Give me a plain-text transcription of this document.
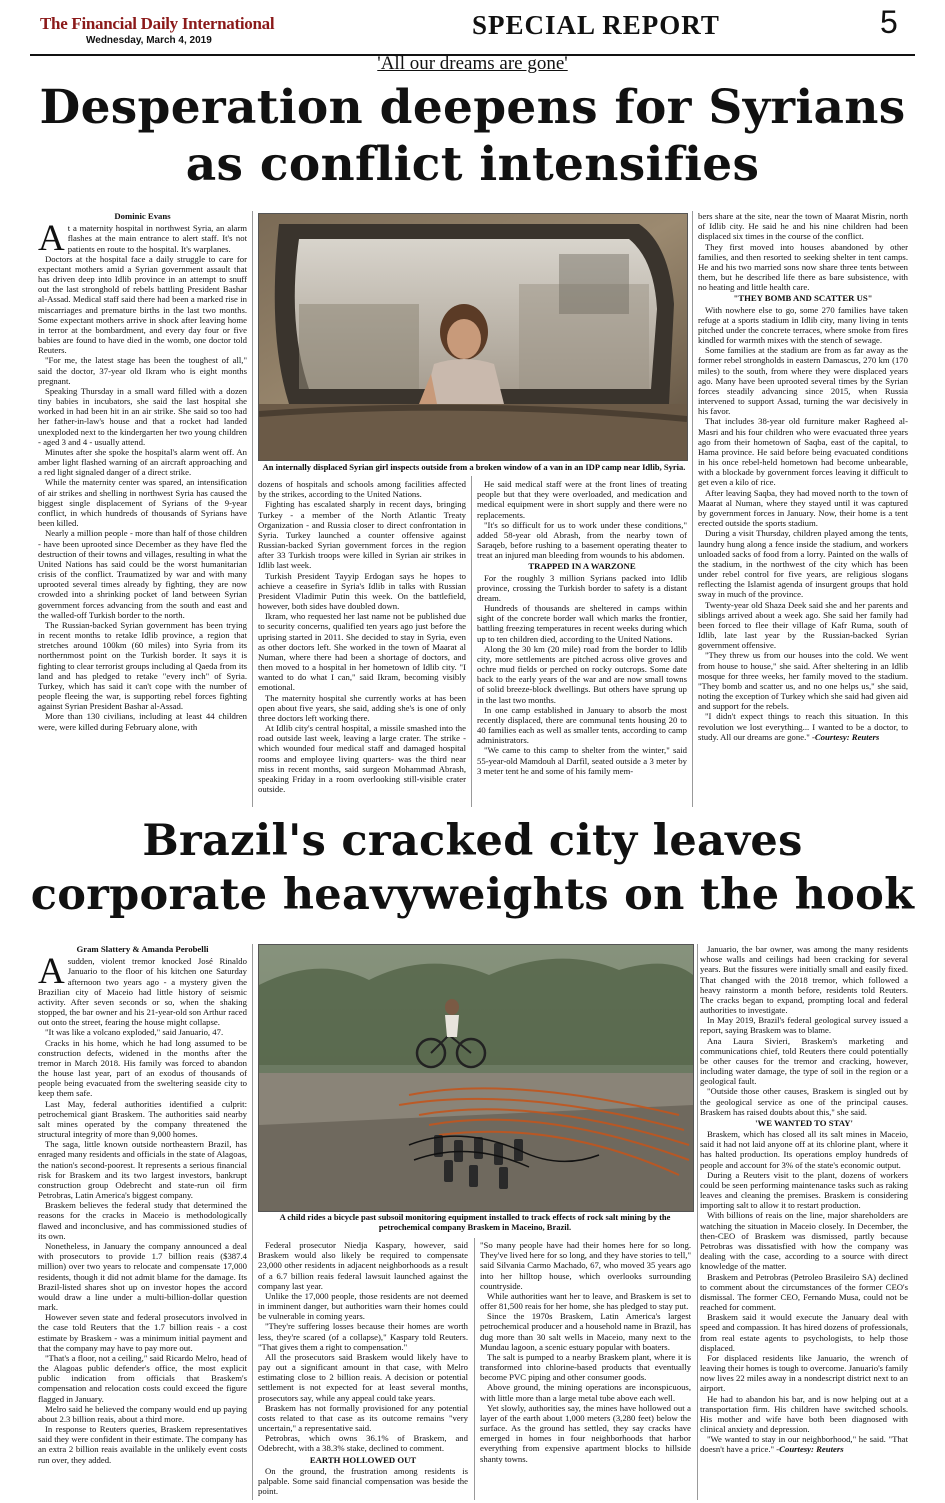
The Financial Daily International
Wednesday, March 4, 2019
SPECIAL REPORT	5
'All our dreams are gone'
Desperation deepens for Syrians as conflict intensifies
Dominic Evans
A t a maternity hospital in northwest Syria, an alarm flashes at the main entrance to alert staff. It's not patients en route to the hospital. It's warplanes.

Doctors at the hospital face a daily struggle to care for expectant mothers amid a Syrian government assault that has driven deep into Idlib province in an attempt to snuff out the last stronghold of rebels battling President Bashar al-Assad. Medical staff said there had been a marked rise in miscarriages and premature births in the last two months. Some expectant mothers arrive in shock after leaving home in terror at the bombardment, and every day four or five babies are found to have died in the womb, one doctor told Reuters.

"For me, the latest stage has been the toughest of all," said the doctor, 37-year old Ikram who is eight months pregnant.

Speaking Thursday in a small ward filled with a dozen tiny babies in incubators, she said the last hospital she worked in had been hit in an air strike. She said so too had her father-in-law's house and that a rocket had landed unexploded next to the kindergarten her two young children - aged 3 and 4 - usually attend.

Minutes after she spoke the hospital's alarm went off. An amber light flashed warning of an aircraft approaching and a red light signaled danger of a direct strike.

While the maternity center was spared, an intensification of air strikes and shelling in northwest Syria has caused the biggest single displacement of Syrians of the 9-year conflict, in which hundreds of thousands of Syrians have been killed.

Nearly a million people - more than half of those children - have been uprooted since December as they have fled the destruction of their towns and villages, resulting in what the United Nations has said could be the worst humanitarian crisis of the conflict. Traumatized by war and with many uprooted several times already by fighting, they are now crowded into a shrinking pocket of land between Syrian government forces advancing from the south and east and the walled-off Turkish border to the north.

The Russian-backed Syrian government has been trying in recent months to retake Idlib province, a region that stretches around 100km (60 miles) into Syria from its northernmost point on the Turkish border. It says it is fighting to clear terrorist groups including al Qaeda from its land and has pledged to retake "every inch" of Syria. Turkey, which has said it can't cope with the number of people fleeing the war, is supporting rebel forces fighting against Syrian President Bashar al-Assad.

More than 130 civilians, including at least 44 children were, were killed during February alone, with

An internally displaced Syrian girl inspects outside from a broken window of a van in an IDP camp near Idlib, Syria.

dozens of hospitals and schools among facilities affected by the strikes, according to the United Nations.

Fighting has escalated sharply in recent days, bringing Turkey - a member of the North Atlantic Treaty Organization - and Russia closer to direct confrontation in Syria. Turkey launched a counter offensive against Russian-backed Syrian government forces in the region after 33 Turkish troops were killed in Syrian air strikes in Idlib last week.

Turkish President Tayyip Erdogan says he hopes to achieve a ceasefire in Syria's Idlib in talks with Russian President Vladimir Putin this week. On the battlefield, however, both sides have doubled down.

Ikram, who requested her last name not be published due to security concerns, qualified ten years ago just before the uprising started in 2011. She decided to stay in Syria, even as other doctors left. She worked in the town of Maarat al Numan, where there had been a shortage of doctors, and then moved to a hospital in her hometown of Idlib city. "I wanted to do what I can," said Ikram, becoming visibly emotional.

The maternity hospital she currently works at has been open about five years, she said, adding she's is one of only three doctors left working there.

At Idlib city's central hospital, a missile smashed into the road outside last week, leaving a large crater. The strike - which wounded four medical staff and damaged hospital rooms and employee living quarters- was the third near miss in recent months, said surgeon Mohammad Abrash, speaking Friday in a room overlooking still-visible crater outside.

He said medical staff were at the front lines of treating people but that they were overloaded, and medication and medical equipment were in short supply and there were no replacements.

"It's so difficult for us to work under these conditions," added 58-year old Abrash, from the nearby town of Saraqeb, before rushing to a basement operating theater to treat an injured man bleeding from wounds to his abdomen.

TRAPPED IN A WARZONE

For the roughly 3 million Syrians packed into Idlib province, crossing the Turkish border to safety is a distant dream.

Hundreds of thousands are sheltered in camps within sight of the concrete border wall which marks the frontier, battling freezing temperatures in recent weeks during which up to ten children died, according to the United Nations.

Along the 30 km (20 mile) road from the border to Idlib city, more settlements are pitched across olive groves and ochre mud fields or perched on rocky outcrops. Some date back to the early years of the war and are now small towns of solid breeze-block dwellings. But others have sprung up in the last two months.

In one camp established in January to absorb the most recently displaced, there are communal tents housing 20 to 40 families each as well as smaller tents, according to camp administrators.

"We came to this camp to shelter from the winter," said 55-year-old Mamdouh al Darfil, seated outside a 3 meter by 3 meter tent he and some of his family mem-

bers share at the site, near the town of Maarat Misrin, north of Idlib city. He said he and his nine children had been displaced six times in the course of the conflict.

They first moved into houses abandoned by other families, and then resorted to seeking shelter in tent camps. He and his two married sons now share three tents between them, but he described life there as bare subsistence, with no heating and little health care.

"THEY BOMB AND SCATTER US"

With nowhere else to go, some 270 families have taken refuge at a sports stadium in Idlib city, many living in tents pitched under the concrete terraces, where smoke from fires kindled for warmth mixes with the stench of sewage.

Some families at the stadium are from as far away as the former rebel strongholds in eastern Damascus, 270 km (170 miles) to the south, from where they were displaced years ago. Many have been uprooted several times by the Syrian forces steadily advancing since 2015, when Russia intervened to support Assad, turning the war decisively in his favor.

That includes 38-year old furniture maker Ragheed al-Masri and his four children who were evacuated three years ago from their hometown of Saqba, east of the capital, to Hama province. He said before being evacuated conditions in his once rebel-held hometown had become unbearable, with a blockade by government forces leaving it difficult to get even a kilo of rice.

After leaving Saqba, they had moved north to the town of Maarat al Numan, where they stayed until it was captured by government forces in January. Now, their home is a tent erected outside the sports stadium.

During a visit Thursday, children played among the tents, laundry hung along a fence inside the stadium, and workers unloaded sacks of food from a lorry. Painted on the walls of the stadium, in the northwest of the city which has been under rebel control for five years, are religious slogans reflecting the Islamist agenda of insurgent groups that hold sway in much of the province.

Twenty-year old Shaza Deek said she and her parents and siblings arrived about a week ago. She said her family had been forced to flee their village of Kafr Ruma, south of Idlib, late last year by the Russian-backed Syrian government offensive.

"They threw us from our houses into the cold. We went from house to house," she said. After sheltering in an Idlib mosque for three weeks, her family moved to the stadium. "They bomb and scatter us, and no one helps us," she said, noting the exception of Turkey which she said had given aid and support for the rebels.

"I didn't expect things to reach this situation. In this revolution we lost everything... I wanted to be a doctor, to study. All our dreams are gone." -Courtesy: Reuters

Brazil's cracked city leaves corporate heavyweights on the hook
Gram Slattery & Amanda Perobelli
A sudden, violent tremor knocked José Rinaldo Januario to the floor of his kitchen one Saturday afternoon two years ago - a mystery given the Brazilian city of Maceio had little history of seismic activity. After seven seconds or so, when the shaking stopped, the bar owner and his 21-year-old son Arthur raced out onto the street, fearing the house might collapse.

"It was like a volcano exploded," said Januario, 47.

Cracks in his home, which he had long assumed to be construction defects, widened in the months after the tremor in March 2018. His family was forced to abandon the house last year, part of an exodus of thousands of people being evacuated from the sweltering seaside city to keep them safe.

Last May, federal authorities identified a culprit: petrochemical giant Braskem. The authorities said nearby salt mines operated by the company threatened the structural integrity of more than 9,000 homes.

The saga, little known outside northeastern Brazil, has enraged many residents and officials in the state of Alagoas, the nation's second-poorest. It represents a serious financial risk for Braskem and its two largest investors, bankrupt construction group Odebrecht and state-run oil firm Petrobras, Latin America's biggest company.

Braskem believes the federal study that determined the reasons for the cracks in Maceio is methodologically flawed and inconclusive, and has commissioned studies of its own.

Nonetheless, in January the company announced a deal with prosecutors to provide 1.7 billion reais ($387.4 million) over two years to relocate and compensate 17,000 residents, though it did not admit blame for the damage. Its Brazil-listed shares shot up on investor hopes the accord would draw a line under a multi-billion-dollar question mark.

However seven state and federal prosecutors involved in the case told Reuters that the 1.7 billion reais - a cost estimate by Braskem - was a minimum initial payment and that the company may have to pay more out.

"That's a floor, not a ceiling," said Ricardo Melro, head of the Alagoas public defender's office, the most explicit public indication from officials that Braskem's compensation and relocation costs could exceed the figure flagged in January.

Melro said he believed the company would end up paying about 2.3 billion reais, about a third more.

In response to Reuters queries, Braskem representatives said they were confident in their estimate. The company has an extra 2 billion reais available in the unlikely event costs run over, they added.

A child rides a bicycle past subsoil monitoring equipment installed to track effects of rock salt mining by the petrochemical company Braskem in Maceino, Brazil.

Federal prosecutor Niedja Kaspary, however, said Braskem would also likely be required to compensate 23,000 other residents in adjacent neighborhoods as a result of a 6.7 billion reais federal lawsuit launched against the company last year.

Unlike the 17,000 people, those residents are not deemed in imminent danger, but authorities warn their homes could be vulnerable in coming years.

"They're suffering losses because their homes are worth less, they're scared (of a collapse)," Kaspary told Reuters. "That gives them a right to compensation."

All the prosecutors said Braskem would likely have to pay out a significant amount in that case, with Melro estimating close to 2 billion reais. A decision or potential settlement is not expected for at least several months, prosecutors say, while any appeal could take years.

Braskem has not formally provisioned for any potential costs related to that case as its outcome remains "very uncertain," a representative said.

Petrobras, which owns 36.1% of Braskem, and Odebrecht, with a 38.3% stake, declined to comment.

EARTH HOLLOWED OUT

On the ground, the frustration among residents is palpable. Some said financial compensation was beside the point.

"So many people have had their homes here for so long. They've lived here for so long, and they have stories to tell," said Silvania Carmo Machado, 67, who moved 35 years ago into her hilltop house, which overlooks surrounding countryside.

While authorities want her to leave, and Braskem is set to offer 81,500 reais for her home, she has pledged to stay put.

Since the 1970s Braskem, Latin America's largest petrochemical producer and a household name in Brazil, has dug more than 30 salt wells in Maceio, many next to the Mundau lagoon, a scenic estuary popular with boaters.

The salt is pumped to a nearby Braskem plant, where it is transformed into chlorine-based products that eventually become PVC piping and other consumer goods.

Above ground, the mining operations are inconspicuous, with little more than a large metal tube above each well.

Yet slowly, authorities say, the mines have hollowed out a layer of the earth about 1,000 meters (3,280 feet) below the surface. As the ground has settled, they say cracks have emerged in homes in four neighborhoods that harbor everything from expensive apartment blocks to hillside shanty towns.

Januario, the bar owner, was among the many residents whose walls and ceilings had been cracking for several years. But the fissures were initially small and easily fixed. That changed with the 2018 tremor, which followed a heavy rainstorm a month before, residents told Reuters. The cracks began to expand, prompting local and federal authorities to investigate.

In May 2019, Brazil's federal geological survey issued a report, saying Braskem was to blame.

Ana Laura Sivieri, Braskem's marketing and communications chief, told Reuters there could potentially be other causes for the tremor and cracking, however, including water damage, the type of soil in the region or a geological fault.

"Outside those other causes, Braskem is singled out by the geological service as one of the principal causes. Braskem has raised doubts about this," she said.

'WE WANTED TO STAY'

Braskem, which has closed all its salt mines in Maceio, said it had not laid anyone off at its chlorine plant, where it has halted production. Its operations employ hundreds of people and account for 3% of the state's economic output.

During a Reuters visit to the plant, dozens of workers could be seen performing maintenance tasks such as raking leaves and cleaning the premises. Braskem is considering importing salt to allow it to restart production.

With billions of reais on the line, major shareholders are watching the situation in Maceio closely. In December, the then-CEO of Braskem was dismissed, partly because Petrobras was dissatisfied with how the company was dealing with the case, according to a source with direct knowledge of the matter.

Braskem and Petrobras (Petroleo Brasileiro SA) declined to comment about the circumstances of the former CEO's dismissal. The former CEO, Fernando Musa, could not be reached for comment.

Braskem said it would execute the January deal with speed and compassion. It has hired dozens of professionals, from real estate agents to psychologists, to help those displaced.

For displaced residents like Januario, the wrench of leaving their homes is tough to overcome. Januario's family now lives 22 miles away in a nondescript district next to an airport.

He had to abandon his bar, and is now helping out at a transportation firm. His children have switched schools. His mother and wife have both been diagnosed with clinical anxiety and depression.

"We wanted to stay in our neighborhood," he said. "That doesn't have a price." -Courtesy: Reuters
